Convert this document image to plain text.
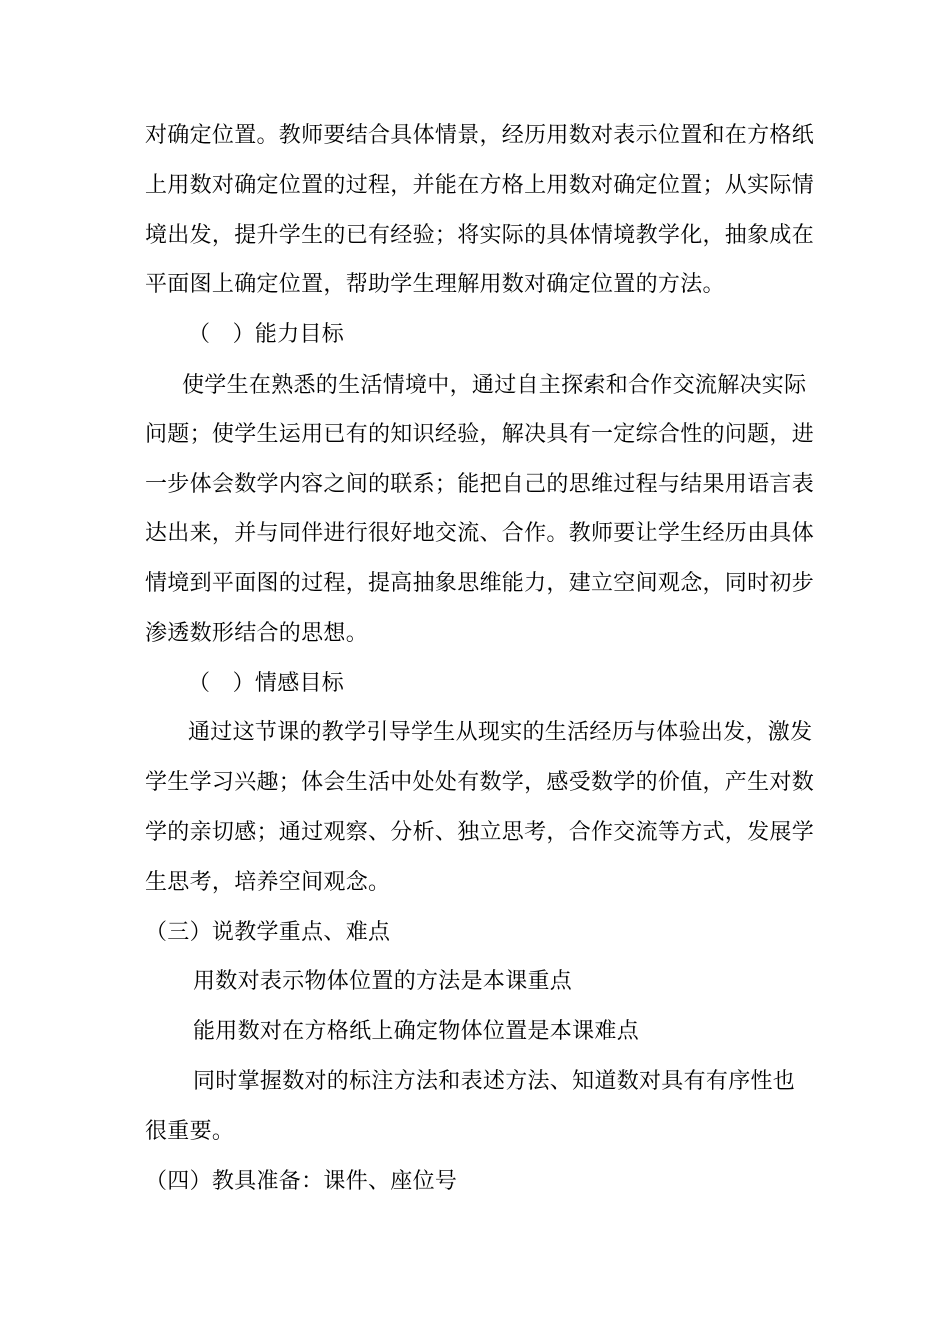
对确定位置。教师要结合具体情景，经历用数对表示位置和在方格纸
上用数对确定位置的过程，并能在方格上用数对确定位置；从实际情
境出发，提升学生的已有经验；将实际的具体情境教学化，抽象成在
平面图上确定位置，帮助学生理解用数对确定位置的方法。
（　）能力目标
使学生在熟悉的生活情境中，通过自主探索和合作交流解决实际
问题；使学生运用已有的知识经验，解决具有一定综合性的问题，进
一步体会数学内容之间的联系；能把自己的思维过程与结果用语言表
达出来，并与同伴进行很好地交流、合作。教师要让学生经历由具体
情境到平面图的过程，提高抽象思维能力，建立空间观念，同时初步
渗透数形结合的思想。
（　）情感目标
通过这节课的教学引导学生从现实的生活经历与体验出发，激发
学生学习兴趣；体会生活中处处有数学，感受数学的价值，产生对数
学的亲切感；通过观察、分析、独立思考，合作交流等方式，发展学
生思考，培养空间观念。
（三）说教学重点、难点
用数对表示物体位置的方法是本课重点
能用数对在方格纸上确定物体位置是本课难点
同时掌握数对的标注方法和表述方法、知道数对具有有序性也
很重要。
（四）教具准备：课件、座位号
